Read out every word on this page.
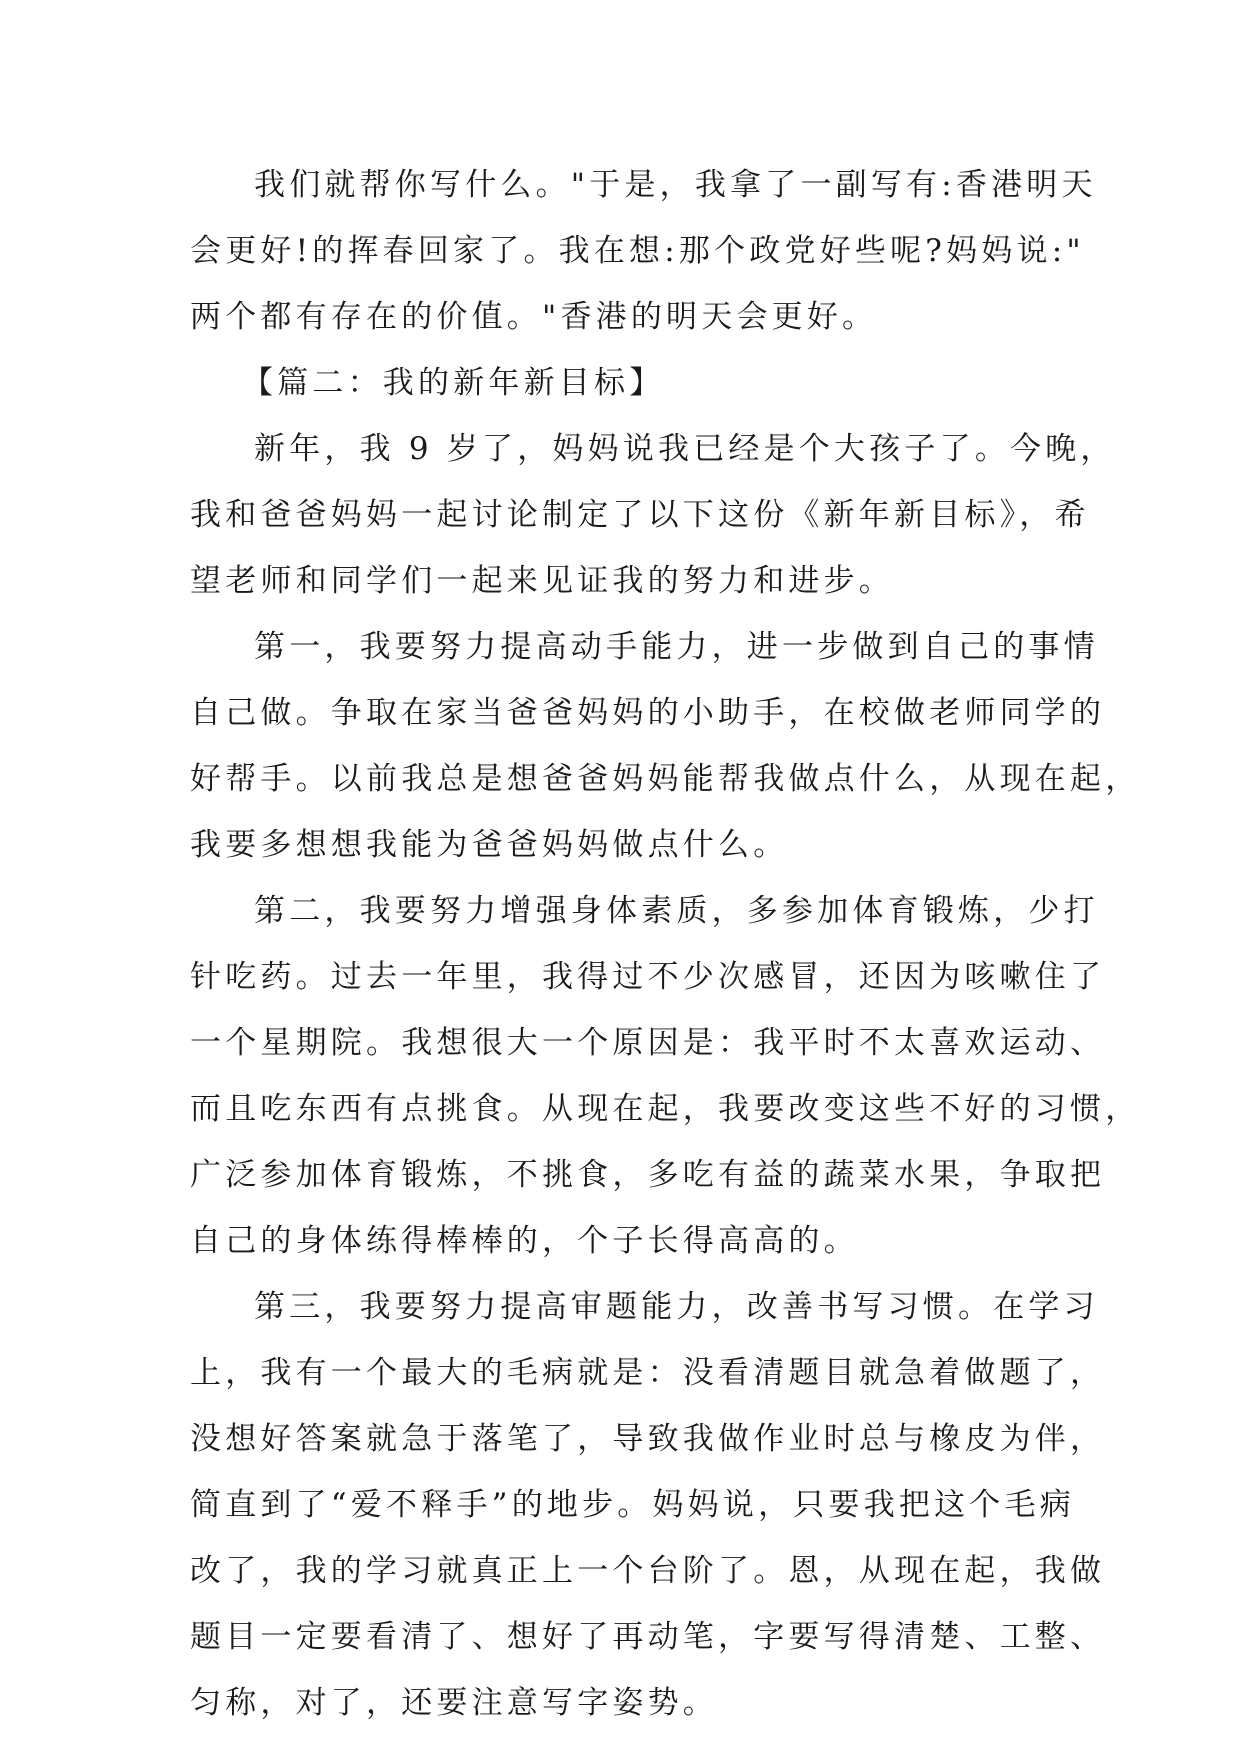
我们就帮你写什么。"于是，我拿了一副写有:香港明天
会更好!的挥春回家了。我在想:那个政党好些呢?妈妈说:"
两个都有存在的价值。"香港的明天会更好。
【篇二：我的新年新目标】
新年，我 9 岁了，妈妈说我已经是个大孩子了。今晚，
我和爸爸妈妈一起讨论制定了以下这份《新年新目标》，希
望老师和同学们一起来见证我的努力和进步。
第一，我要努力提高动手能力，进一步做到自己的事情
自己做。争取在家当爸爸妈妈的小助手，在校做老师同学的
好帮手。以前我总是想爸爸妈妈能帮我做点什么，从现在起，
我要多想想我能为爸爸妈妈做点什么。
第二，我要努力增强身体素质，多参加体育锻炼，少打
针吃药。过去一年里，我得过不少次感冒，还因为咳嗽住了
一个星期院。我想很大一个原因是：我平时不太喜欢运动、
而且吃东西有点挑食。从现在起，我要改变这些不好的习惯，
广泛参加体育锻炼，不挑食，多吃有益的蔬菜水果，争取把
自己的身体练得棒棒的，个子长得高高的。
第三，我要努力提高审题能力，改善书写习惯。在学习
上，我有一个最大的毛病就是：没看清题目就急着做题了，
没想好答案就急于落笔了，导致我做作业时总与橡皮为伴，
简直到了“爱不释手”的地步。妈妈说，只要我把这个毛病
改了，我的学习就真正上一个台阶了。恩，从现在起，我做
题目一定要看清了、想好了再动笔，字要写得清楚、工整、
匀称，对了，还要注意写字姿势。
